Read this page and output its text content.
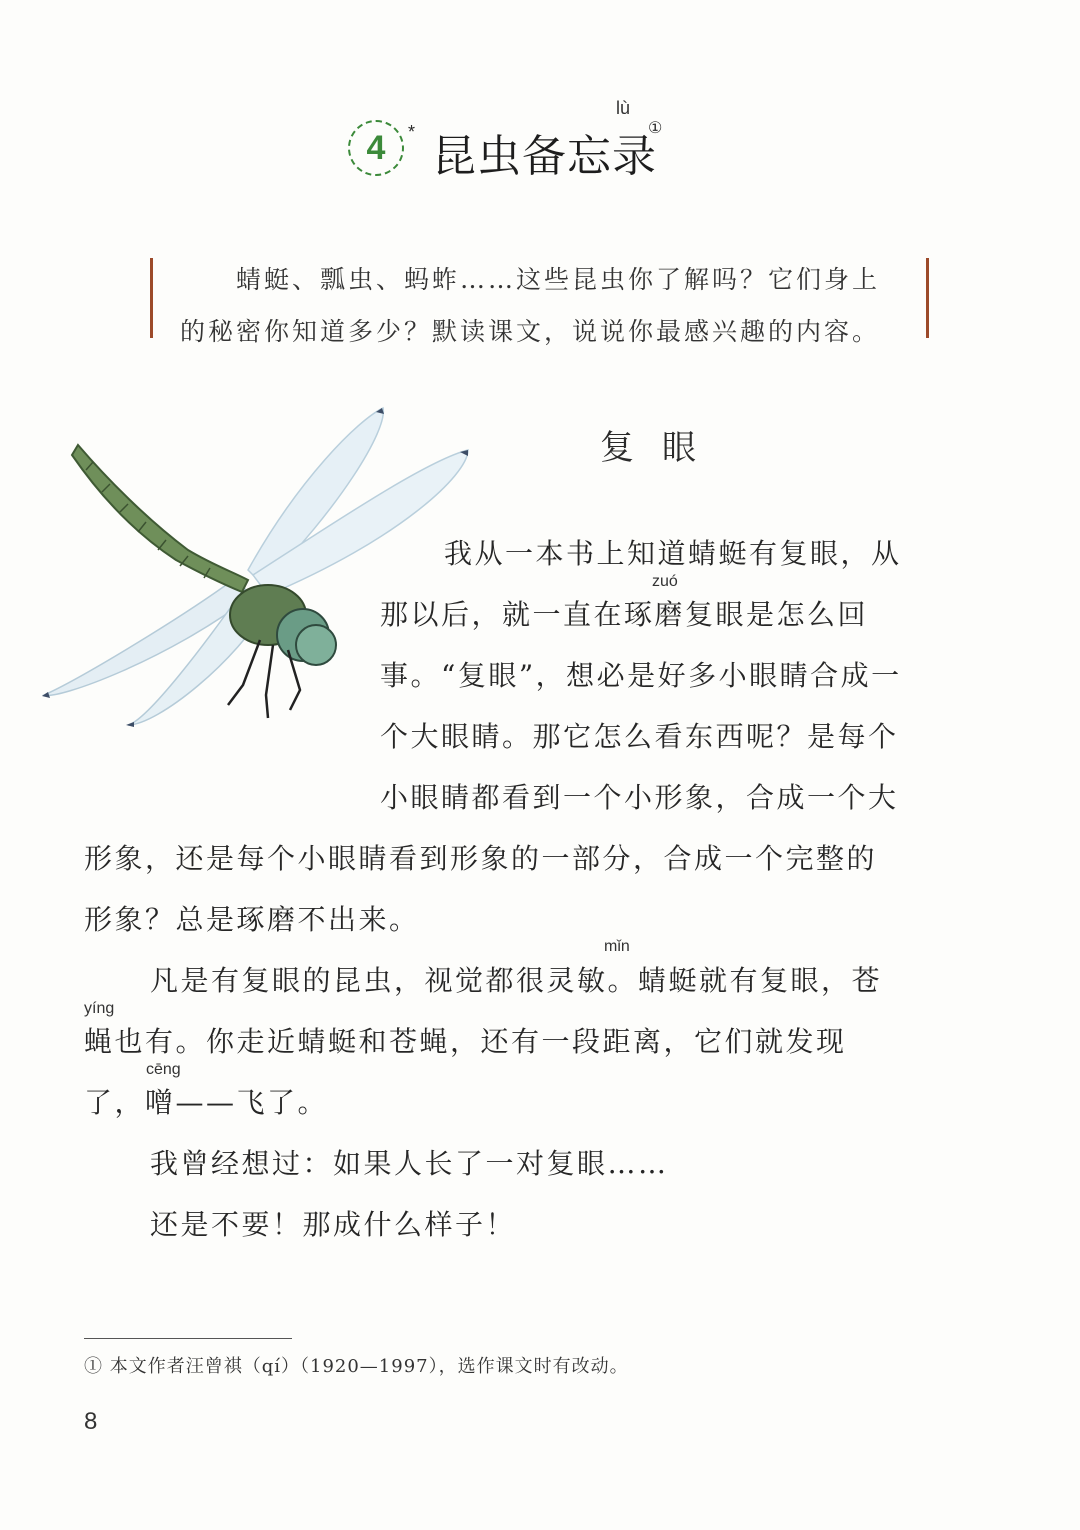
4 *
lù
昆虫备忘录
①
蜻蜓、瓢虫、蚂蚱……这些昆虫你了解吗？它们身上
的秘密你知道多少？默读课文，说说你最感兴趣的内容。
复眼
zuó
mǐn
yíng
cēng
我从一本书上知道蜻蜓有复眼，从
那以后，就一直在琢磨复眼是怎么回
事。“复眼”，想必是好多小眼睛合成一
个大眼睛。那它怎么看东西呢？是每个
小眼睛都看到一个小形象，合成一个大
形象，还是每个小眼睛看到形象的一部分，合成一个完整的
形象？总是琢磨不出来。
凡是有复眼的昆虫，视觉都很灵敏。蜻蜓就有复眼，苍
蝇也有。你走近蜻蜓和苍蝇，还有一段距离，它们就发现
了，噌——飞了。
我曾经想过：如果人长了一对复眼……
还是不要！那成什么样子！
① 本文作者汪曾祺（qí）（1920—1997），选作课文时有改动。
8
